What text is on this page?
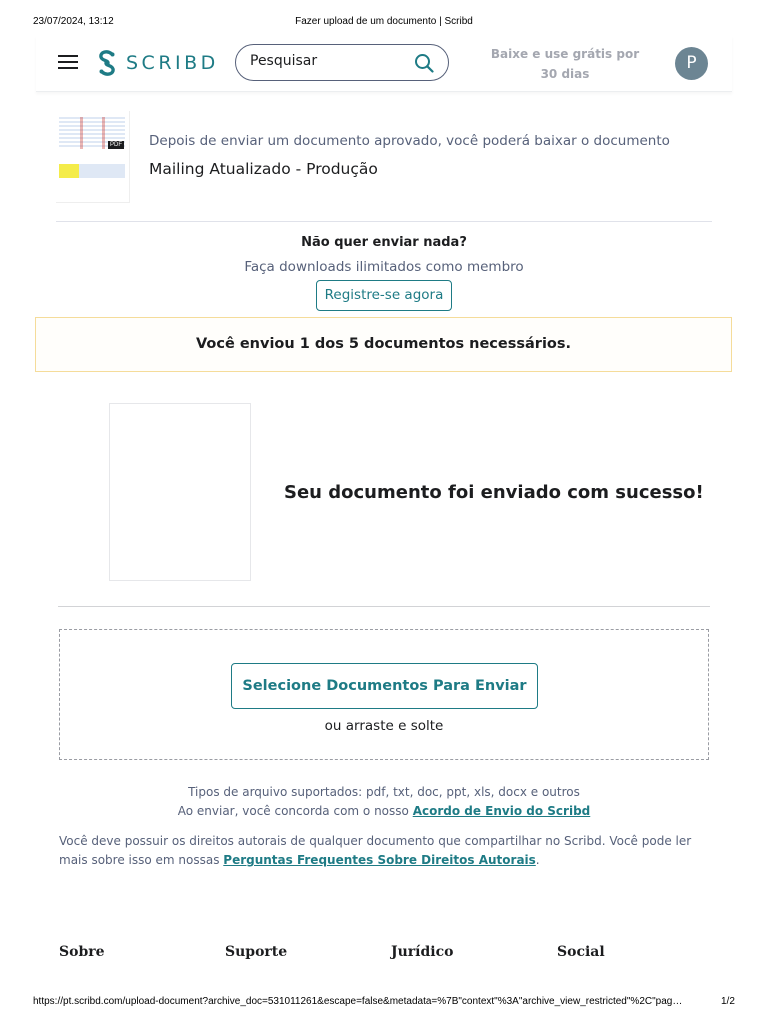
23/07/2024, 13:12	Fazer upload de um documento | Scribd
SCRIBD
Pesquisar	Baixe e use grátis por 30 dias
P
PDF Depois de enviar um documento aprovado, você poderá baixar o documento
Mailing Atualizado - Produção
Não quer enviar nada?
Faça downloads ilimitados como membro
Registre-se agora
Você enviou 1 dos 5 documentos necessários.
Seu documento foi enviado com sucesso!
Selecione Documentos Para Enviar
ou arraste e solte
Tipos de arquivo suportados: pdf, txt, doc, ppt, xls, docx e outros
Ao enviar, você concorda com o nosso Acordo de Envio do Scribd
Você deve possuir os direitos autorais de qualquer documento que compartilhar no Scribd. Você pode ler mais sobre isso em nossas Perguntas Frequentes Sobre Direitos Autorais.
Sobre	Suporte	Jurídico	Social
https://pt.scribd.com/upload-document?archive_doc=531011261&escape=false&metadata=%7B"context"%3A"archive_view_restricted"%2C"pag…	1/2
